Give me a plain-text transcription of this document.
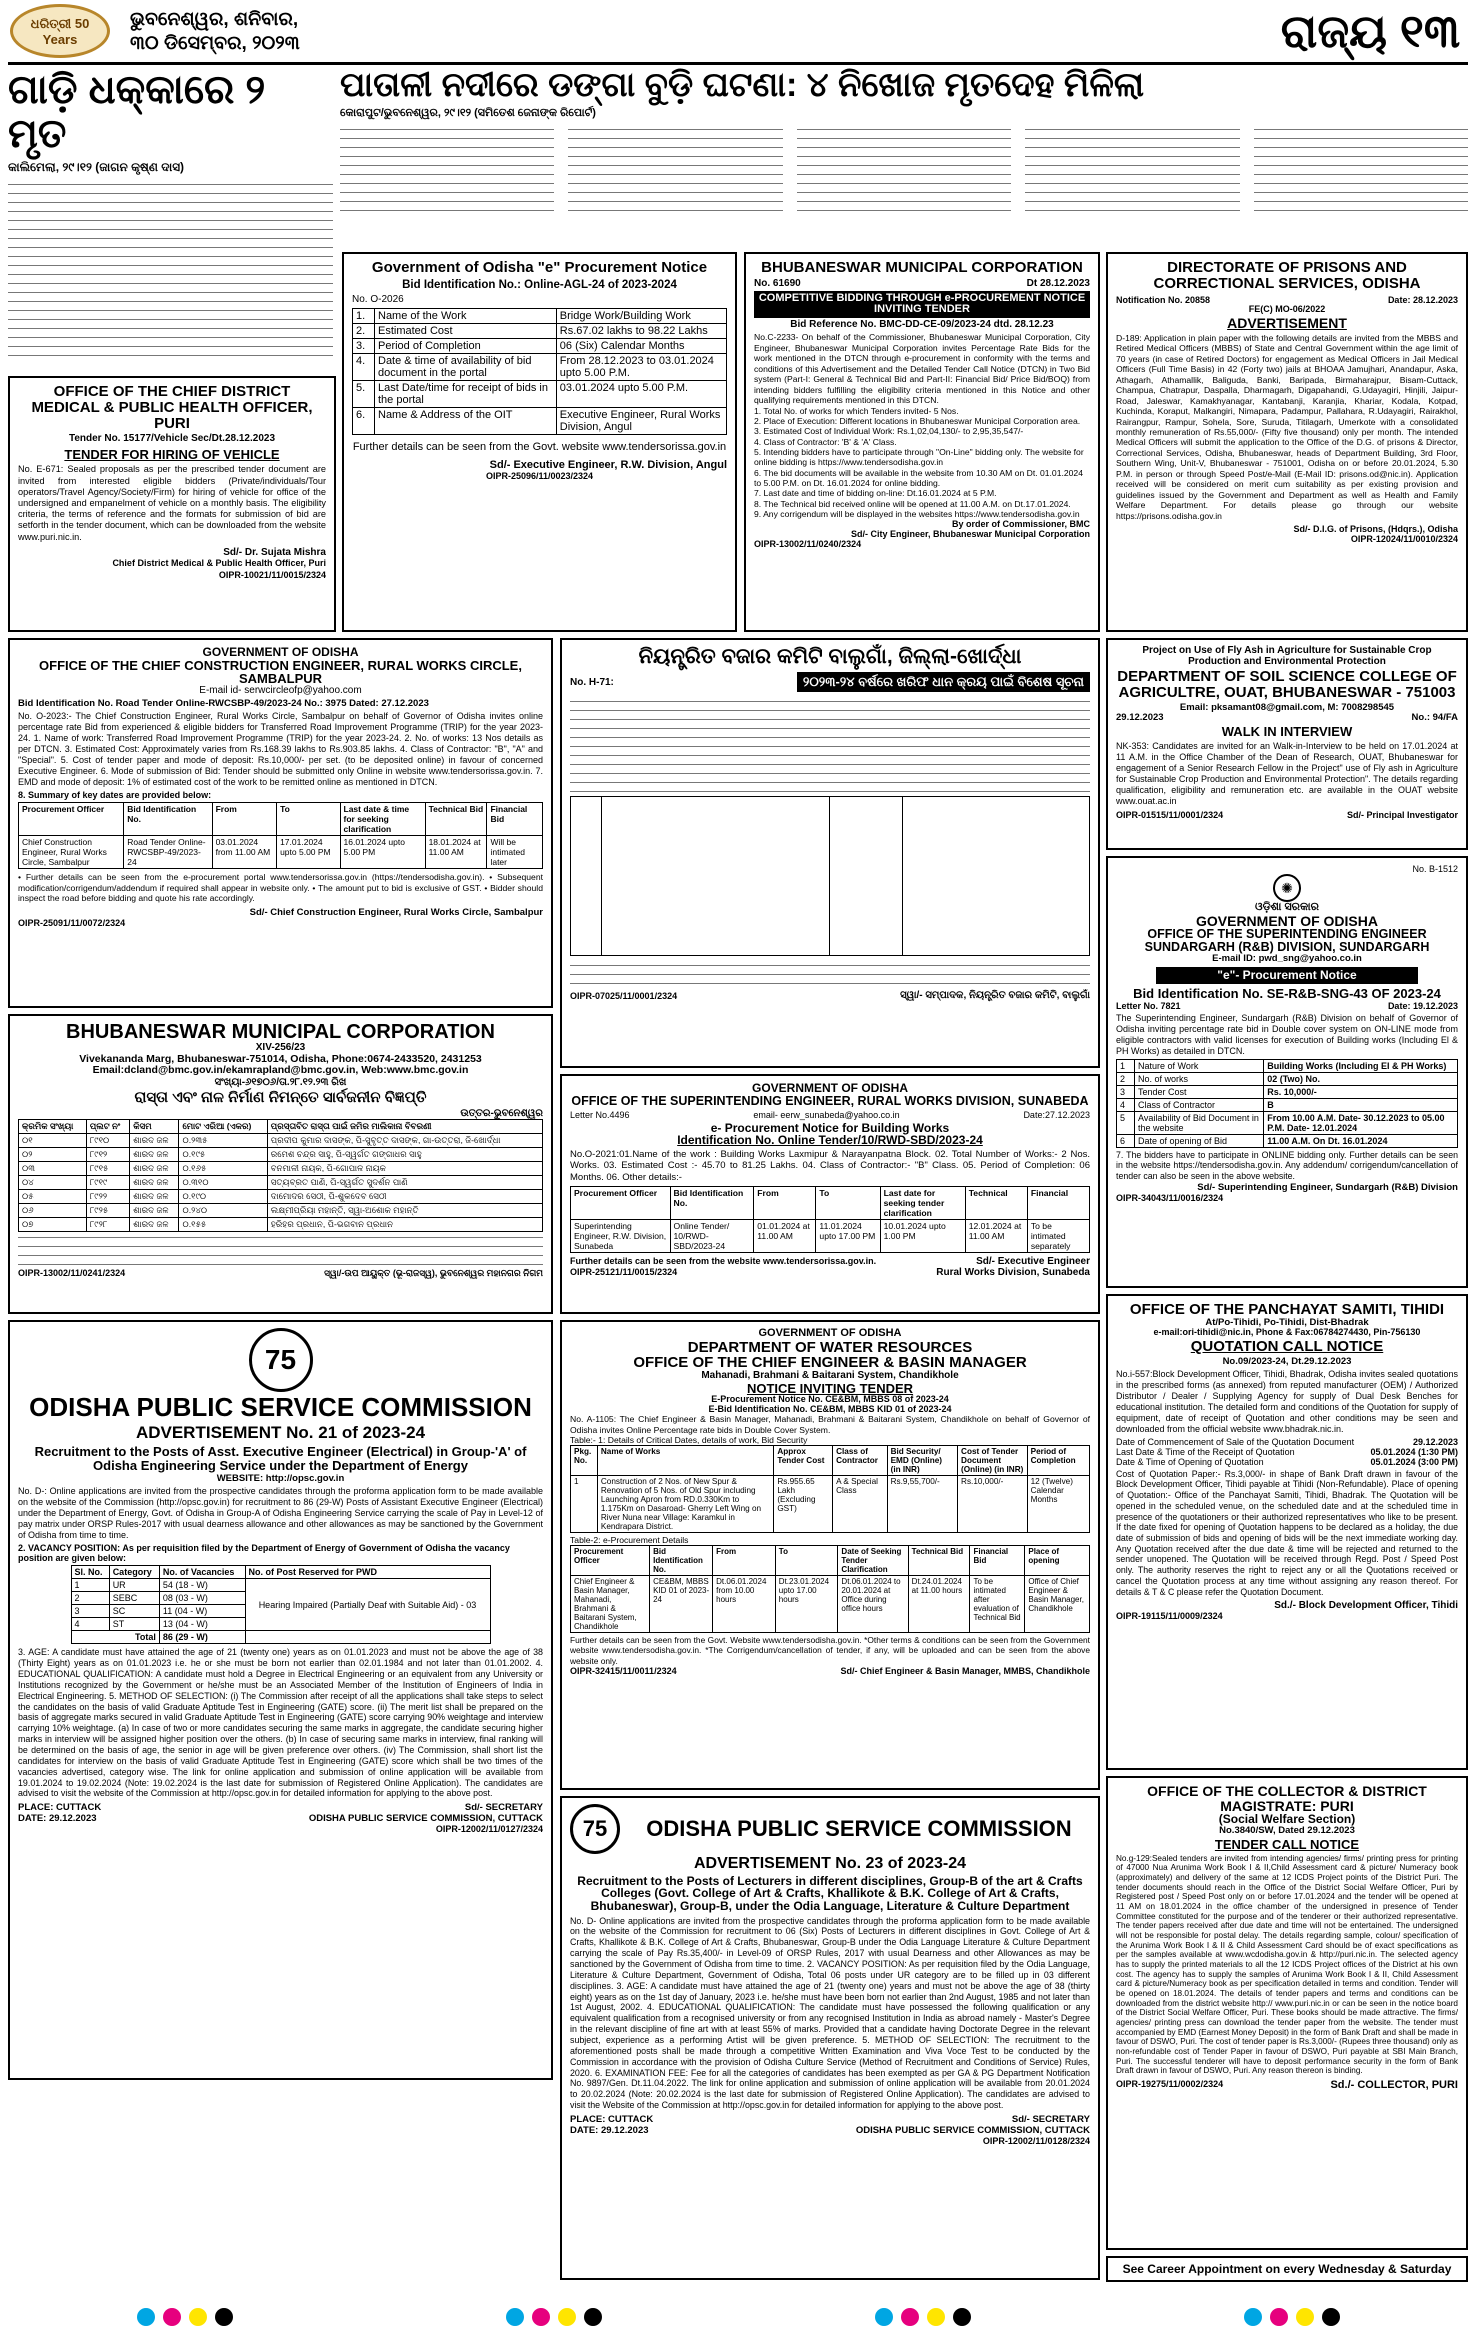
ଧରିତ୍ରୀ 50 Years
ଭୁବନେଶ୍ୱର, ଶନିବାର,
୩୦ ଡିସେମ୍ବର, ୨୦୨୩	ରାଜ୍ୟ ୧୩
ଗାଡ଼ି ଧକ୍କାରେ ୨ ମୃତ
କାଲିମେଲା, ୨୯।୧୨ (ଜାଗନ କୃଷ୍ଣ ଦାସ)
ପାତାଳୀ ନଦୀରେ ଡଙ୍ଗା ବୁଡ଼ି ଘଟଣା: ୪ ନିଖୋଜ ମୃତଦେହ ମିଳିଲା
କୋରାପୁଟ/ଭୁବନେଶ୍ୱର, ୨୯।୧୨ (ସମିତେଶ ଜେନାଙ୍କ ରିପୋର୍ଟ)
Government of Odisha "e" Procurement Notice
Bid Identification No.: Online-AGL-24 of 2023-2024
No. O-2026
1.	Name of the Work	Bridge Work/Building Work
2.	Estimated Cost	Rs.67.02 lakhs to 98.22 Lakhs
3.	Period of Completion	06 (Six) Calendar Months
4.	Date & time of availability of bid document in the portal	From 28.12.2023 to 03.01.2024 upto 5.00 P.M.
5.	Last Date/time for receipt of bids in the portal	03.01.2024 upto 5.00 P.M.
6.	Name & Address of the OIT	Executive Engineer, Rural Works Division, Angul
Further details can be seen from the Govt. website www.tendersorissa.gov.in
Sd/- Executive Engineer, R.W. Division, Angul
OIPR-25096/11/0023/2324
BHUBANESWAR MUNICIPAL CORPORATION
No. 61690	Dt 28.12.2023
COMPETITIVE BIDDING THROUGH e-PROCUREMENT NOTICE INVITING TENDER
Bid Reference No. BMC-DD-CE-09/2023-24 dtd. 28.12.23
No.C-2233- On behalf of the Commissioner, Bhubaneswar Municipal Corporation, City Engineer, Bhubaneswar Municipal Corporation invites Percentage Rate Bids for the work mentioned in the DTCN through e-procurement in conformity with the terms and conditions of this Advertisement and the Detailed Tender Call Notice (DTCN) in Two Bid system (Part-I: General & Technical Bid and Part-II: Financial Bid/ Price Bid/BOQ) from intending bidders fulfilling the eligibility criteria mentioned in this Notice and other qualifying requirements mentioned in this DTCN.
1. Total No. of works for which Tenders invited- 5 Nos.
2. Place of Execution: Different locations in Bhubaneswar Municipal Corporation area.
3. Estimated Cost of Individual Work: Rs.1,02,04,130/- to 2,95,35,547/-
4. Class of Contractor: 'B' & 'A' Class.
5. Intending bidders have to participate through "On-Line" bidding only. The website for online bidding is https://www.tendersodisha.gov.in
6. The bid documents will be available in the website from 10.30 AM on Dt. 01.01.2024 to 5.00 P.M. on Dt. 16.01.2024 for online bidding.
7. Last date and time of bidding on-line: Dt.16.01.2024 at 5 P.M.
8. The Technical bid received online will be opened at 11.00 A.M. on Dt.17.01.2024.
9. Any corrigendum will be displayed in the websites https://www.tendersodisha.gov.in
By order of Commissioner, BMC
Sd/- City Engineer, Bhubaneswar Municipal Corporation
OIPR-13002/11/0240/2324
DIRECTORATE OF PRISONS AND CORRECTIONAL SERVICES, ODISHA
Notification No. 20858	Date: 28.12.2023
FE(C) MO-06/2022
ADVERTISEMENT
D-189: Application in plain paper with the following details are invited from the MBBS and Retired Medical Officers (MBBS) of State and Central Government within the age limit of 70 years (in case of Retired Doctors) for engagement as Medical Officers in Jail Medical Officers (Full Time Basis) in 42 (Forty two) jails at BHOAA Jamujhari, Anandapur, Aska, Athagarh, Athamallik, Baliguda, Banki, Baripada, Birmaharajpur, Bisam-Cuttack, Champua, Chatrapur, Daspalla, Dharmagarh, Digapahandi, G.Udayagiri, Hinjili, Jaipur-Road, Jaleswar, Kamakhyanagar, Kantabanji, Karanjia, Khariar, Kodala, Kotpad, Kuchinda, Koraput, Malkangiri, Nimapara, Padampur, Pallahara, R.Udayagiri, Rairakhol, Rairangpur, Rampur, Sohela, Sore, Suruda, Titilagarh, Umerkote with a consolidated monthly remuneration of Rs.55,000/- (Fifty five thousand) only per month. The intended Medical Officers will submit the application to the Office of the D.G. of prisons & Director, Correctional Services, Odisha, Bhubaneswar, heads of Department Building, 3rd Floor, Southern Wing, Unit-V, Bhubaneswar - 751001, Odisha on or before 20.01.2024, 5.30 P.M. in person or through Speed Post/e-Mail (E-Mail ID: prisons.od@nic.in). Application received will be considered on merit cum suitability as per existing provision and guidelines issued by the Government and Department as well as Health and Family Welfare Department. For details please go through our website https://prisons.odisha.gov.in
Sd/- D.I.G. of Prisons, (Hdqrs.), Odisha
OIPR-12024/11/0010/2324
OFFICE OF THE CHIEF DISTRICT MEDICAL & PUBLIC HEALTH OFFICER, PURI
Tender No. 15177/Vehicle Sec/Dt.28.12.2023
TENDER FOR HIRING OF VEHICLE
No. E-671: Sealed proposals as per the prescribed tender document are invited from interested eligible bidders (Private/individuals/Tour operators/Travel Agency/Society/Firm) for hiring of vehicle for office of the undersigned and empanelment of vehicle on a monthly basis. The eligibility criteria, the terms of reference and the formats for submission of bid are setforth in the tender document, which can be downloaded from the website www.puri.nic.in.
Sd/- Dr. Sujata Mishra
Chief District Medical & Public Health Officer, Puri
OIPR-10021/11/0015/2324
GOVERNMENT OF ODISHA
OFFICE OF THE CHIEF CONSTRUCTION ENGINEER, RURAL WORKS CIRCLE, SAMBALPUR
E-mail id- serwcircleofp@yahoo.com
Bid Identification No. Road Tender Online-RWCSBP-49/2023-24 No.: 3975 Dated: 27.12.2023
No. O-2023:- The Chief Construction Engineer, Rural Works Circle, Sambalpur on behalf of Governor of Odisha invites online percentage rate Bid from experienced & eligible bidders for Transferred Road Improvement Programme (TRIP) for the year 2023-24. 1. Name of work: Transferred Road Improvement Programme (TRIP) for the year 2023-24. 2. No. of works: 13 Nos details as per DTCN. 3. Estimated Cost: Approximately varies from Rs.168.39 lakhs to Rs.903.85 lakhs. 4. Class of Contractor: "B", "A" and "Special". 5. Cost of tender paper and mode of deposit: Rs.10,000/- per set. (to be deposited online) in favour of concerned Executive Engineer. 6. Mode of submission of Bid: Tender should be submitted only Online in website www.tendersorissa.gov.in. 7. EMD and mode of deposit: 1% of estimated cost of the work to be remitted online as mentioned in DTCN.
8. Summary of key dates are provided below:
Procurement Officer	Bid Identification No.	From	To	Last date & time for seeking clarification	Technical Bid	Financial Bid
Chief Construction Engineer, Rural Works Circle, Sambalpur	Road Tender Online-RWCSBP-49/2023-24	03.01.2024 from 11.00 AM	17.01.2024 upto 5.00 PM	16.01.2024 upto 5.00 PM	18.01.2024 at 11.00 AM	Will be intimated later
• Further details can be seen from the e-procurement portal www.tendersorissa.gov.in (https://tendersodisha.gov.in). • Subsequent modification/corrigendum/addendum if required shall appear in website only. • The amount put to bid is exclusive of GST. • Bidder should inspect the road before bidding and quote his rate accordingly.
Sd/- Chief Construction Engineer, Rural Works Circle, Sambalpur
OIPR-25091/11/0072/2324
ନିୟନ୍ତ୍ରିତ ବଜାର କମିଟି ବାଲୁଗାଁ, ଜିଲ୍ଲା-ଖୋର୍ଦ୍ଧା
No. H-71:	୨୦୨୩-୨୪ ବର୍ଷରେ ଖରିଫ ଧାନ କ୍ରୟ ପାଇଁ ବିଶେଷ ସୂଚନା
OIPR-07025/11/0001/2324	ସ୍ୱା/- ସମ୍ପାଦକ, ନିୟନ୍ତ୍ରିତ ବଜାର କମିଟି, ବାଲୁଗାଁ
Project on Use of Fly Ash in Agriculture for Sustainable Crop Production and Environmental Protection
DEPARTMENT OF SOIL SCIENCE COLLEGE OF AGRICULTRE, OUAT, BHUBANESWAR - 751003
Email: pksamant08@gmail.com, M: 7008298545
29.12.2023	No.: 94/FA
WALK IN INTERVIEW
NK-353: Candidates are invited for an Walk-in-Interview to be held on 17.01.2024 at 11 A.M. in the Office Chamber of the Dean of Research, OUAT, Bhubaneswar for engagement of a Senior Research Fellow in the Project" use of Fly ash in Agriculture for Sustainable Crop Production and Environmental Protection". The details regarding qualification, eligibility and remuneration etc. are available in the OUAT website www.ouat.ac.in
OIPR-01515/11/0001/2324	Sd/- Principal Investigator
No. B-1512
✺
ଓଡ଼ିଶା ସରକାର
GOVERNMENT OF ODISHA
OFFICE OF THE SUPERINTENDING ENGINEER SUNDARGARH (R&B) DIVISION, SUNDARGARH
E-mail ID: pwd_sng@yahoo.co.in
"e"- Procurement Notice
Bid Identification No. SE-R&B-SNG-43 OF 2023-24
Letter No. 7821	Date: 19.12.2023
The Superintending Engineer, Sundargarh (R&B) Division on behalf of Governor of Odisha inviting percentage rate bid in Double cover system on ON-LINE mode from eligible contractors with valid licenses for execution of Building works (Including El & PH Works) as detailed in DTCN.
1	Nature of Work	Building Works (Including EI & PH Works)
2	No. of works	02 (Two) No.
3	Tender Cost	Rs. 10,000/-
4	Class of Contractor	B
5	Availability of Bid Document in the website	From 10.00 A.M. Date- 30.12.2023 to 05.00 P.M. Date- 12.01.2024
6	Date of opening of Bid	11.00 A.M. On Dt. 16.01.2024
7. The bidders have to participate in ONLINE bidding only. Further details can be seen in the website https://tendersodisha.gov.in. Any addendum/ corrigendum/cancellation of tender can also be seen in the above website.
Sd/- Superintending Engineer, Sundargarh (R&B) Division
OIPR-34043/11/0016/2324
BHUBANESWAR MUNICIPAL CORPORATION
XIV-256/23
Vivekananda Marg, Bhubaneswar-751014, Odisha, Phone:0674-2433520, 2431253
Email:dcland@bmc.gov.in/ekamrapland@bmc.gov.in, Web:www.bmc.gov.in
ସଂଖ୍ୟା-୬୧୭୦୬/ତା.୨୮.୧୨.୨୩ ରିଖ
ରାସ୍ତା ଏବଂ ନାଳ ନିର୍ମାଣ ନିମନ୍ତେ ସାର୍ବଜନୀନ ବିଜ୍ଞପ୍ତି
ଉତ୍ତର-ଭୁବନେଶ୍ୱର
କ୍ରମିକ ସଂଖ୍ୟା	ପ୍ଲଟ ନଂ	କିସମ	ମୋଟ ଏରିଆ (ଏକର)	ପ୍ରସ୍ତାବିତ ରାସ୍ତା ପାଇଁ ଜମିର ମାଲିକାନା ବିବରଣୀ
୦୧	୮୯୧୦	ଶାରଦ ଜଳ	୦.୨୩୫	ପ୍ରଦୀପ କୁମାର ଦାସଙ୍କ, ପି-ସୁବୃତ୍ତ ଦାସଙ୍କ, ଗା-ଉତ୍ତରା, ଜି-ଖୋର୍ଦ୍ଧା
୦୨	୮୯୧୨	ଶାରଦ ଜଳ	୦.୧୯୫	ରମେଶ ଚନ୍ଦ୍ର ସାହୁ, ପି-ସ୍ୱର୍ଗତ ଗଙ୍ଗାଧର ସାହୁ
୦୩	୮୯୧୫	ଶାରଦ ଜଳ	୦.୧୬୫	ବନମାଳୀ ନାୟକ, ପି-ଗୋପାଳ ନାୟକ
୦୪	୮୯୧୯	ଶାରଦ ଜଳ	୦.୩୧୦	ସତ୍ୟବ୍ରତ ପାଣି, ପି-ସ୍ୱର୍ଗତ ସୁଦର୍ଶନ ପାଣି
୦୫	୮୯୨୨	ଶାରଦ ଜଳ	୦.୧୯୦	ଦାମୋଦର ସେଠୀ, ପି-ଶୁକଦେବ ସେଠୀ
୦୬	୮୯୨୫	ଶାରଦ ଜଳ	୦.୨୪୦	ଲକ୍ଷ୍ମୀପ୍ରିୟା ମହାନ୍ତି, ସ୍ୱା-ଅଶୋକ ମହାନ୍ତି
୦୭	୮୯୨୮	ଶାରଦ ଜଳ	୦.୧୫୫	ହରିହର ପ୍ରଧାନ, ପି-ଭଗବାନ ପ୍ରଧାନ
OIPR-13002/11/0241/2324	ସ୍ୱା/-ଉପ ଆୟୁକ୍ତ (ଭୂ-ରାଜସ୍ୱ), ଭୁବନେଶ୍ୱର ମହାନଗର ନିଗମ
GOVERNMENT OF ODISHA
OFFICE OF THE SUPERINTENDING ENGINEER, RURAL WORKS DIVISION, SUNABEDA
Letter No.4496	email- eerw_sunabeda@yahoo.co.in	Date:27.12.2023
e- Procurement Notice for Building Works
Identification No. Online Tender/10/RWD-SBD/2023-24
No.O-2021:01.Name of the work : Building Works Laxmipur & Narayanpatna Block. 02. Total Number of Works:- 2 Nos. Works. 03. Estimated Cost :- 45.70 to 81.25 Lakhs. 04. Class of Contractor:- "B" Class. 05. Period of Completion: 06 Months. 06. Other details:-
Procurement Officer	Bid Identification No.	From	To	Last date for seeking tender clarification	Technical	Financial
Superintending Engineer, R.W. Division, Sunabeda	Online Tender/ 10/RWD-SBD/2023-24	01.01.2024 at 11.00 AM	11.01.2024 upto 17.00 PM	10.01.2024 upto 1.00 PM	12.01.2024 at 11.00 AM	To be intimated separately
Further details can be seen from the website www.tendersorissa.gov.in.	Sd/- Executive Engineer
OIPR-25121/11/0015/2324	Rural Works Division, Sunabeda
OFFICE OF THE PANCHAYAT SAMITI, TIHIDI
At/Po-Tihidi, Po-Tihidi, Dist-Bhadrak
e-mail:ori-tihidi@nic.in, Phone & Fax:06784274430, Pin-756130
QUOTATION CALL NOTICE
No.09/2023-24, Dt.29.12.2023
No.i-557:Block Development Officer, Tihidi, Bhadrak, Odisha invites sealed quotations in the prescribed forms (as annexed) from reputed manufacturer (OEM) / Authorized Distributor / Dealer / Supplying Agency for supply of Dual Desk Benches for educational institution. The detailed form and conditions of the Quotation for supply of equipment, date of receipt of Quotation and other conditions may be seen and downloaded from the official website www.bhadrak.nic.in.
Date of Commencement of Sale of the Quotation Document	29.12.2023
Last Date & Time of the Receipt of Quotation	05.01.2024 (1:30 PM)
Date & Time of Opening of Quotation	05.01.2024 (3:00 PM)
Cost of Quotation Paper:- Rs.3,000/- in shape of Bank Draft drawn in favour of the Block Development Officer, Tihidi payable at Tihidi (Non-Refundable). Place of opening of Quotation:- Office of the Panchayat Samiti, Tihidi, Bhadrak. The Quotation will be opened in the scheduled venue, on the scheduled date and at the scheduled time in presence of the quotationers or their authorized representatives who like to be present. If the date fixed for opening of Quotation happens to be declared as a holiday, the due date of submission of bids and opening of bids will be the next immediate working day. Any Quotation received after the due date & time will be rejected and returned to the sender unopened. The Quotation will be received through Regd. Post / Speed Post only. The authority reserves the right to reject any or all the Quotations received or cancel the Quotation process at any time without assigning any reason thereof. For details & T & C please refer the Quotation Document.
Sd./- Block Development Officer, Tihidi
OIPR-19115/11/0009/2324
75
ODISHA PUBLIC SERVICE COMMISSION
ADVERTISEMENT No. 21 of 2023-24
Recruitment to the Posts of Asst. Executive Engineer (Electrical) in Group-'A' of Odisha Engineering Service under the Department of Energy
WEBSITE: http://opsc.gov.in
No. D-: Online applications are invited from the prospective candidates through the proforma application form to be made available on the website of the Commission (http://opsc.gov.in) for recruitment to 86 (29-W) Posts of Assistant Executive Engineer (Electrical) under the Department of Energy, Govt. of Odisha in Group-A of Odisha Engineering Service carrying the scale of Pay in Level-12 of pay matrix under ORSP Rules-2017 with usual dearness allowance and other allowances as may be sanctioned by the Government of Odisha from time to time.
2. VACANCY POSITION: As per requisition filed by the Department of Energy of Government of Odisha the vacancy position are given below:
Sl. No.	Category	No. of Vacancies	No. of Post Reserved for PWD
1	UR	54 (18 - W)	Hearing Impaired (Partially Deaf with Suitable Aid) - 03
2	SEBC	08 (03 - W)	
3	SC	11 (04 - W)	
4	ST	13 (04 - W)	
Total		86 (29 - W)	
3. AGE: A candidate must have attained the age of 21 (twenty one) years as on 01.01.2023 and must not be above the age of 38 (Thirty Eight) years as on 01.01.2023 i.e. he or she must be born not earlier than 02.01.1984 and not later than 01.01.2002. 4. EDUCATIONAL QUALIFICATION: A candidate must hold a Degree in Electrical Engineering or an equivalent from any University or Institutions recognized by the Government or he/she must be an Associated Member of the Institution of Engineers of India in Electrical Engineering. 5. METHOD OF SELECTION: (i) The Commission after receipt of all the applications shall take steps to select the candidates on the basis of valid Graduate Aptitude Test in Engineering (GATE) score. (ii) The merit list shall be prepared on the basis of aggregate marks secured in valid Graduate Aptitude Test in Engineering (GATE) score carrying 90% weightage and interview carrying 10% weightage. (a) In case of two or more candidates securing the same marks in aggregate, the candidate securing higher marks in interview will be assigned higher position over the others. (b) In case of securing same marks in interview, final ranking will be determined on the basis of age, the senior in age will be given preference over others. (iv) The Commission, shall short list the candidates for interview on the basis of valid Graduate Aptitude Test in Engineering (GATE) score which shall be two times of the vacancies advertised, category wise. The link for online application and submission of online application will be available from 19.01.2024 to 19.02.2024 (Note: 19.02.2024 is the last date for submission of Registered Online Application). The candidates are advised to visit the website of the Commission at http://opsc.gov.in for detailed information for applying to the above post.
PLACE: CUTTACK
DATE: 29.12.2023
Sd/- SECRETARY
ODISHA PUBLIC SERVICE COMMISSION, CUTTACK
OIPR-12002/11/0127/2324
GOVERNMENT OF ODISHA
DEPARTMENT OF WATER RESOURCES
OFFICE OF THE CHIEF ENGINEER & BASIN MANAGER
Mahanadi, Brahmani & Baitarani System, Chandikhole
NOTICE INVITING TENDER
E-Procurement Notice No. CE&BM, MBBS 08 of 2023-24
E-Bid Identification No. CE&BM, MBBS KID 01 of 2023-24
No. A-1105: The Chief Engineer & Basin Manager, Mahanadi, Brahmani & Baitarani System, Chandikhole on behalf of Governor of Odisha invites Online Percentage rate bids in Double Cover System.
Table:- 1: Details of Critical Dates, details of work, Bid Security
Pkg. No.	Name of Works	Approx Tender Cost	Class of Contractor	Bid Security/ EMD (Online) (in INR)	Cost of Tender Document (Online) (in INR)	Period of Completion
1	Construction of 2 Nos. of New Spur & Renovation of 5 Nos. of Old Spur including Launching Apron from RD.0.330Km to 1.175Km on Dasaroad- Gherry Left Wing on River Nuna near Village: Karamkul in Kendrapara District.	Rs.955.65 Lakh (Excluding GST)	A & Special Class	Rs.9,55,700/-	Rs.10,000/-	12 (Twelve) Calendar Months
Table-2: e-Procurement Details
Procurement Officer	Bid Identification No.	From	To	Date of Seeking Tender Clarification	Technical Bid	Financial Bid	Place of opening
Chief Engineer & Basin Manager, Mahanadi, Brahmani & Baitarani System, Chandikhole	CE&BM, MBBS KID 01 of 2023-24	Dt.06.01.2024 from 10.00 hours	Dt.23.01.2024 upto 17.00 hours	Dt.06.01.2024 to 20.01.2024 at Office during office hours	Dt.24.01.2024 at 11.00 hours	To be intimated after evaluation of Technical Bid	Office of Chief Engineer & Basin Manager, Chandikhole
Further details can be seen from the Govt. Website www.tendersodisha.gov.in. *Other terms & conditions can be seen from the Government website www.tendersodisha.gov.in. *The Corrigendum/cancellation of tender, if any, will be uploaded and can be seen from the above website only.
OIPR-32415/11/0011/2324	Sd/- Chief Engineer & Basin Manager, MMBS, Chandikhole
75	ODISHA PUBLIC SERVICE COMMISSION
ADVERTISEMENT No. 23 of 2023-24
Recruitment to the Posts of Lecturers in different disciplines, Group-B of the art & Crafts Colleges (Govt. College of Art & Crafts, Khallikote & B.K. College of Art & Crafts, Bhubaneswar), Group-B, under the Odia Language, Literature & Culture Department
No. D- Online applications are invited from the prospective candidates through the proforma application form to be made available on the website of the Commission for recruitment to 06 (Six) Posts of Lecturers in different disciplines in Govt. College of Art & Crafts, Khallikote & B.K. College of Art & Crafts, Bhubaneswar, Group-B under the Odia Language Literature & Culture Department carrying the scale of Pay Rs.35,400/- in Level-09 of ORSP Rules, 2017 with usual Dearness and other Allowances as may be sanctioned by the Government of Odisha from time to time. 2. VACANCY POSITION: As per requisition filed by the Odia Language, Literature & Culture Department, Government of Odisha, Total 06 posts under UR category are to be filled up in 03 different disciplines. 3. AGE: A candidate must have attained the age of 21 (twenty one) years and must not be above the age of 38 (thirty eight) years as on the 1st day of January, 2023 i.e. he/she must have been born not earlier than 2nd August, 1985 and not later than 1st August, 2002. 4. EDUCATIONAL QUALIFICATION: The candidate must have possessed the following qualification or any equivalent qualification from a recognised university or from any recognised Institution in India as abroad namely - Master's Degree in the relevant discipline of fine art with at least 55% of marks. Provided that a candidate having Doctorate Degree in the relevant subject, experience as a performing Artist will be given preference. 5. METHOD OF SELECTION: The recruitment to the aforementioned posts shall be made through a competitive Written Examination and Viva Voce Test to be conducted by the Commission in accordance with the provision of Odisha Culture Service (Method of Recruitment and Conditions of Service) Rules, 2020. 6. EXAMINATION FEE: Fee for all the categories of candidates has been exempted as per GA & PG Department Notification No. 9897/Gen. Dt.11.04.2022. The link for online application and submission of online application will be available from 20.01.2024 to 20.02.2024 (Note: 20.02.2024 is the last date for submission of Registered Online Application). The candidates are advised to visit the Website of the Commission at http://opsc.gov.in for detailed information for applying to the above post.
PLACE: CUTTACK
DATE: 29.12.2023
Sd/- SECRETARY
ODISHA PUBLIC SERVICE COMMISSION, CUTTACK
OIPR-12002/11/0128/2324
OFFICE OF THE COLLECTOR & DISTRICT MAGISTRATE: PURI
(Social Welfare Section)
No.3840/SW, Dated 29.12.2023
TENDER CALL NOTICE
No.g-129:Sealed tenders are invited from intending agencies/ firms/ printing press for printing of 47000 Nua Arunima Work Book I & II,Child Assessment card & picture/ Numeracy book (approximately) and delivery of the same at 12 ICDS Project points of the District Puri. The tender documents should reach in the Office of the District Social Welfare Officer, Puri by Registered post / Speed Post only on or before 17.01.2024 and the tender will be opened at 11 AM on 18.01.2024 in the office chamber of the undersigned in presence of Tender Committee constituted for the purpose and of the tenderer or their authorized representative. The tender papers received after due date and time will not be entertained. The undersigned will not be responsible for postal delay. The details regarding sample, colour/ specification of the Arunima Work Book I & II & Child Assessment Card should be of exact specifications as per the samples available at www.wcdodisha.gov.in & http://puri.nic.in. The selected agency has to supply the printed materials to all the 12 ICDS Project offices of the District at his own cost. The agency has to supply the samples of Arunima Work Book I & II, Child Assessment card & picture/Numeracy book as per specification detailed in terms and condition. Tender will be opened on 18.01.2024. The details of tender papers and terms and conditions can be downloaded from the district website http:// www.puri.nic.in or can be seen in the notice board of the District Social Welfare Officer, Puri. These books should be made attractive. The firms/ agencies/ printing press can download the tender paper from the website. The tender must accompanied by EMD (Earnest Money Deposit) in the form of Bank Draft and shall be made in favour of DSWO, Puri. The cost of tender paper is Rs.3,000/- (Rupees three thousand) only as non-refundable cost of Tender Paper in favour of DSWO, Puri payable at SBI Main Branch, Puri. The successful tenderer will have to deposit performance security in the form of Bank Draft drawn in favour of DSWO, Puri. Any reason thereon is binding.
OIPR-19275/11/0002/2324	Sd./- COLLECTOR, PURI
See Career Appointment on every Wednesday & Saturday
